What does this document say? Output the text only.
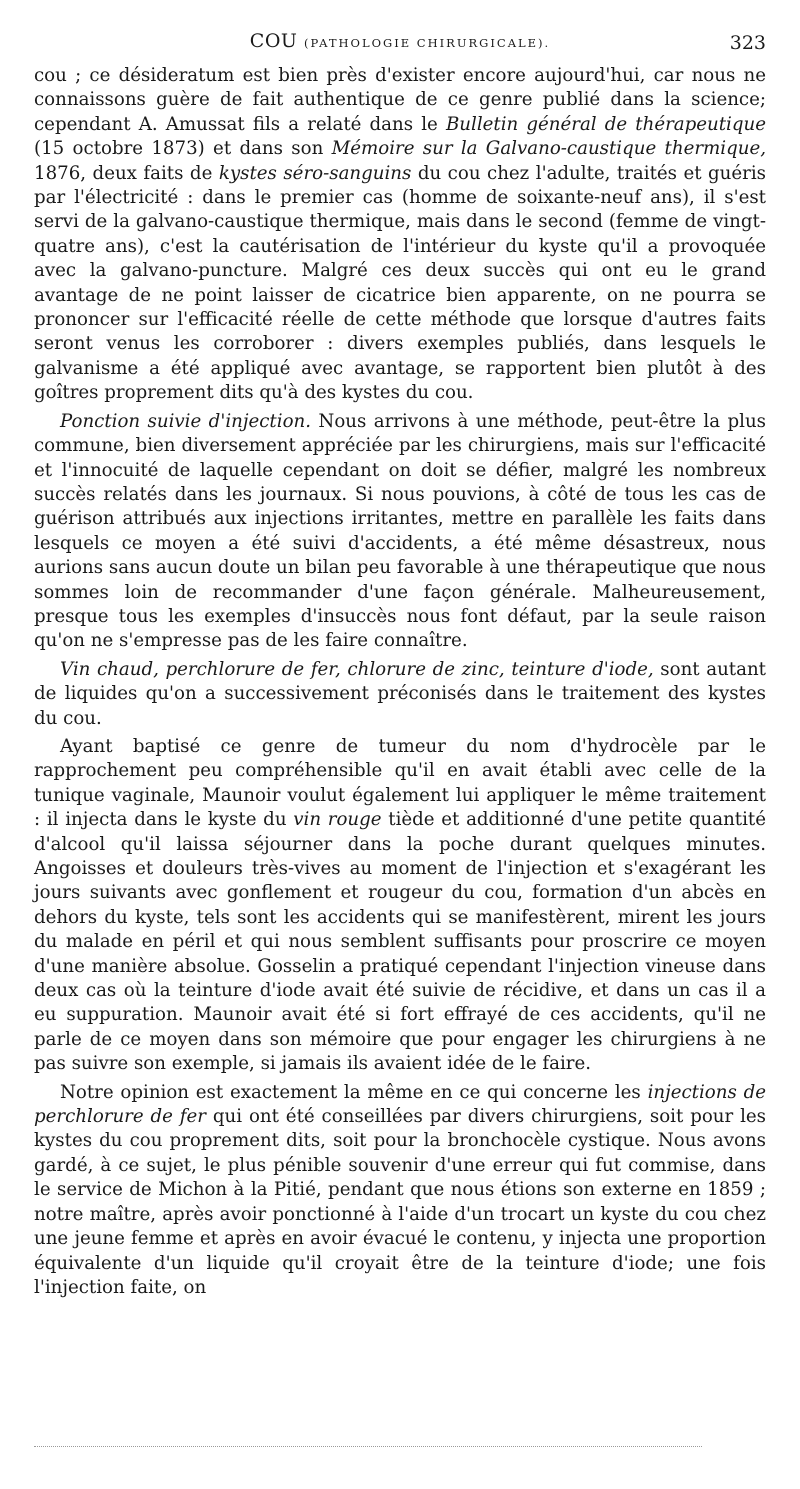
COU (PATHOLOGIE CHIRURGICALE).	323

cou ; ce désideratum est bien près d'exister encore aujourd'hui, car nous ne connaissons guère de fait authentique de ce genre publié dans la science; cependant A. Amussat fils a relaté dans le Bulletin général de thérapeutique (15 octobre 1873) et dans son Mémoire sur la Galvano-caustique thermique, 1876, deux faits de kystes séro-sanguins du cou chez l'adulte, traités et guéris par l'électricité : dans le premier cas (homme de soixante-neuf ans), il s'est servi de la galvano-caustique thermique, mais dans le second (femme de vingt-quatre ans), c'est la cautérisation de l'intérieur du kyste qu'il a provoquée avec la galvano-puncture. Malgré ces deux succès qui ont eu le grand avantage de ne point laisser de cicatrice bien apparente, on ne pourra se prononcer sur l'efficacité réelle de cette méthode que lorsque d'autres faits seront venus les corroborer : divers exemples publiés, dans lesquels le galvanisme a été appliqué avec avantage, se rapportent bien plutôt à des goîtres proprement dits qu'à des kystes du cou.

Ponction suivie d'injection. Nous arrivons à une méthode, peut-être la plus commune, bien diversement appréciée par les chirurgiens, mais sur l'efficacité et l'innocuité de laquelle cependant on doit se défier, malgré les nombreux succès relatés dans les journaux. Si nous pouvions, à côté de tous les cas de guérison attribués aux injections irritantes, mettre en parallèle les faits dans lesquels ce moyen a été suivi d'accidents, a été même désastreux, nous aurions sans aucun doute un bilan peu favorable à une thérapeutique que nous sommes loin de recommander d'une façon générale. Malheureusement, presque tous les exemples d'insuccès nous font défaut, par la seule raison qu'on ne s'empresse pas de les faire connaître.

Vin chaud, perchlorure de fer, chlorure de zinc, teinture d'iode, sont autant de liquides qu'on a successivement préconisés dans le traitement des kystes du cou.

Ayant baptisé ce genre de tumeur du nom d'hydrocèle par le rapprochement peu compréhensible qu'il en avait établi avec celle de la tunique vaginale, Maunoir voulut également lui appliquer le même traitement : il injecta dans le kyste du vin rouge tiède et additionné d'une petite quantité d'alcool qu'il laissa séjourner dans la poche durant quelques minutes. Angoisses et douleurs très-vives au moment de l'injection et s'exagérant les jours suivants avec gonflement et rougeur du cou, formation d'un abcès en dehors du kyste, tels sont les accidents qui se manifestèrent, mirent les jours du malade en péril et qui nous semblent suffisants pour proscrire ce moyen d'une manière absolue. Gosselin a pratiqué cependant l'injection vineuse dans deux cas où la teinture d'iode avait été suivie de récidive, et dans un cas il a eu suppuration. Maunoir avait été si fort effrayé de ces accidents, qu'il ne parle de ce moyen dans son mémoire que pour engager les chirurgiens à ne pas suivre son exemple, si jamais ils avaient idée de le faire.

Notre opinion est exactement la même en ce qui concerne les injections de perchlorure de fer qui ont été conseillées par divers chirurgiens, soit pour les kystes du cou proprement dits, soit pour la bronchocèle cystique. Nous avons gardé, à ce sujet, le plus pénible souvenir d'une erreur qui fut commise, dans le service de Michon à la Pitié, pendant que nous étions son externe en 1859 ; notre maître, après avoir ponctionné à l'aide d'un trocart un kyste du cou chez une jeune femme et après en avoir évacué le contenu, y injecta une proportion équivalente d'un liquide qu'il croyait être de la teinture d'iode; une fois l'injection faite, on
